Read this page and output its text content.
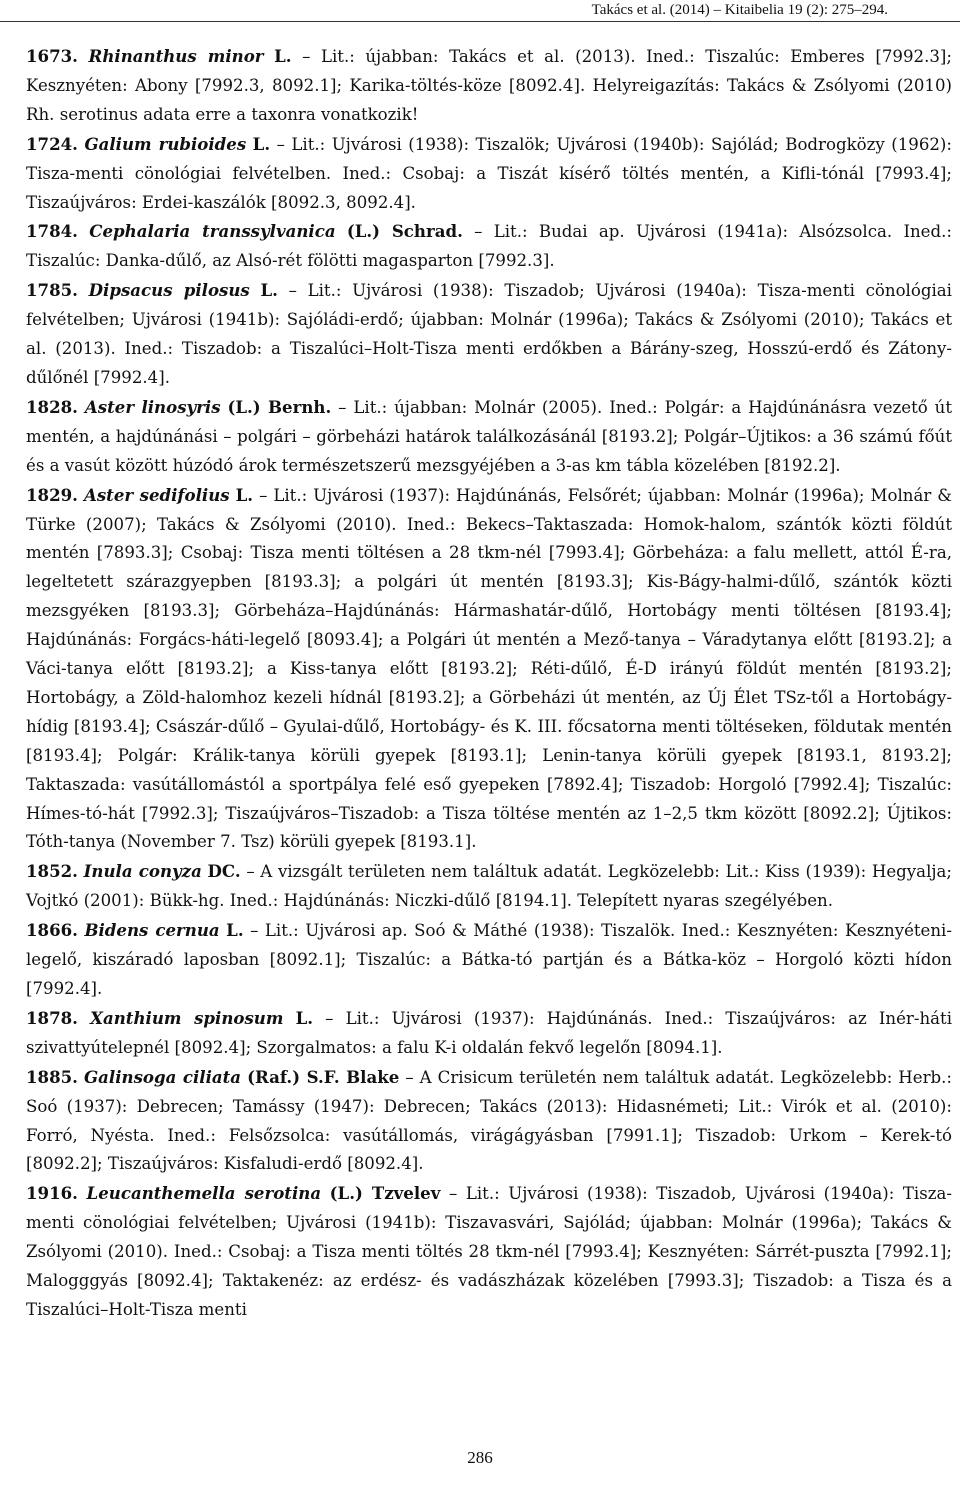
Takács et al. (2014) – Kitaibelia 19 (2): 275–294.

1673. Rhinanthus minor L. – Lit.: újabban: Takács et al. (2013). Ined.: Tiszalúc: Emberes [7992.3]; Kesznyéten: Abony [7992.3, 8092.1]; Karika-töltés-köze [8092.4]. Helyreigazítás: Takács & Zsólyomi (2010) Rh. serotinus adata erre a taxonra vonatkozik!

1724. Galium rubioides L. – Lit.: Ujvárosi (1938): Tiszalök; Ujvárosi (1940b): Sajólád; Bodrogközy (1962): Tisza-menti cönológiai felvételben. Ined.: Csobaj: a Tiszát kísérő töltés mentén, a Kifli-tónál [7993.4]; Tiszaújváros: Erdei-kaszálók [8092.3, 8092.4].

1784. Cephalaria transsylvanica (L.) Schrad. – Lit.: Budai ap. Ujvárosi (1941a): Alsózsolca. Ined.: Tiszalúc: Danka-dűlő, az Alsó-rét fölötti magasparton [7992.3].

1785. Dipsacus pilosus L. – Lit.: Ujvárosi (1938): Tiszadob; Ujvárosi (1940a): Tisza-menti cönológiai felvételben; Ujvárosi (1941b): Sajóládi-erdő; újabban: Molnár (1996a); Takács & Zsólyomi (2010); Takács et al. (2013). Ined.: Tiszadob: a Tiszalúci–Holt-Tisza menti erdőkben a Bárány-szeg, Hosszú-erdő és Zátony-dűlőnél [7992.4].

1828. Aster linosyris (L.) Bernh. – Lit.: újabban: Molnár (2005). Ined.: Polgár: a Hajdúnánásra vezető út mentén, a hajdúnánási – polgári – görbeházi határok találkozásánál [8193.2]; Polgár–Újtikos: a 36 számú főút és a vasút között húzódó árok természetszerű mezsgyéjében a 3-as km tábla közelében [8192.2].

1829. Aster sedifolius L. – Lit.: Ujvárosi (1937): Hajdúnánás, Felsőrét; újabban: Molnár (1996a); Molnár & Türke (2007); Takács & Zsólyomi (2010). Ined.: Bekecs–Taktaszada: Homok-halom, szántók közti földút mentén [7893.3]; Csobaj: Tisza menti töltésen a 28 tkm-nél [7993.4]; Görbeháza: a falu mellett, attól É-ra, legeltetett szárazgyepben [8193.3]; a polgári út mentén [8193.3]; Kis-Bágy-halmi-dűlő, szántók közti mezsgyéken [8193.3]; Görbeháza–Hajdúnánás: Hármashatár-dűlő, Hortobágy menti töltésen [8193.4]; Hajdúnánás: Forgács-háti-legelő [8093.4]; a Polgári út mentén a Mező-tanya – Váradytanya előtt [8193.2]; a Váci-tanya előtt [8193.2]; a Kiss-tanya előtt [8193.2]; Réti-dűlő, É-D irányú földút mentén [8193.2]; Hortobágy, a Zöld-halomhoz kezeli hídnál [8193.2]; a Görbeházi út mentén, az Új Élet TSz-től a Hortobágy-hídig [8193.4]; Császár-dűlő – Gyulai-dűlő, Hortobágy- és K. III. főcsatorna menti töltéseken, földutak mentén [8193.4]; Polgár: Králik-tanya körüli gyepek [8193.1]; Lenin-tanya körüli gyepek [8193.1, 8193.2]; Taktaszada: vasútállomástól a sportpálya felé eső gyepeken [7892.4]; Tiszadob: Horgoló [7992.4]; Tiszalúc: Hímes-tó-hát [7992.3]; Tiszaújváros–Tiszadob: a Tisza töltése mentén az 1–2,5 tkm között [8092.2]; Újtikos: Tóth-tanya (November 7. Tsz) körüli gyepek [8193.1].

1852. Inula conyza DC. – A vizsgált területen nem találtuk adatát. Legközelebb: Lit.: Kiss (1939): Hegyalja; Vojtkó (2001): Bükk-hg. Ined.: Hajdúnánás: Niczki-dűlő [8194.1]. Telepített nyaras szegélyében.

1866. Bidens cernua L. – Lit.: Ujvárosi ap. Soó & Máthé (1938): Tiszalök. Ined.: Kesznyéten: Kesznyéteni-legelő, kiszáradó laposban [8092.1]; Tiszalúc: a Bátka-tó partján és a Bátka-köz – Horgoló közti hídon [7992.4].

1878. Xanthium spinosum L. – Lit.: Ujvárosi (1937): Hajdúnánás. Ined.: Tiszaújváros: az Inér-háti szivattyútelepnél [8092.4]; Szorgalmatos: a falu K-i oldalán fekvő legelőn [8094.1].

1885. Galinsoga ciliata (Raf.) S.F. Blake – A Crisicum területén nem találtuk adatát. Legközelebb: Herb.: Soó (1937): Debrecen; Tamássy (1947): Debrecen; Takács (2013): Hidasnémeti; Lit.: Virók et al. (2010): Forró, Nyésta. Ined.: Felsőzsolca: vasútállomás, virágágyásban [7991.1]; Tiszadob: Urkom – Kerek-tó [8092.2]; Tiszaújváros: Kisfaludi-erdő [8092.4].

1916. Leucanthemella serotina (L.) Tzvelev – Lit.: Ujvárosi (1938): Tiszadob, Ujvárosi (1940a): Tisza-menti cönológiai felvételben; Ujvárosi (1941b): Tiszavasvári, Sajólád; újabban: Molnár (1996a); Takács & Zsólyomi (2010). Ined.: Csobaj: a Tisza menti töltés 28 tkm-nél [7993.4]; Kesznyéten: Sárrét-puszta [7992.1]; Malogggyás [8092.4]; Taktakenéz: az erdész- és vadászházak közelében [7993.3]; Tiszadob: a Tisza és a Tiszalúci–Holt-Tisza menti

286
